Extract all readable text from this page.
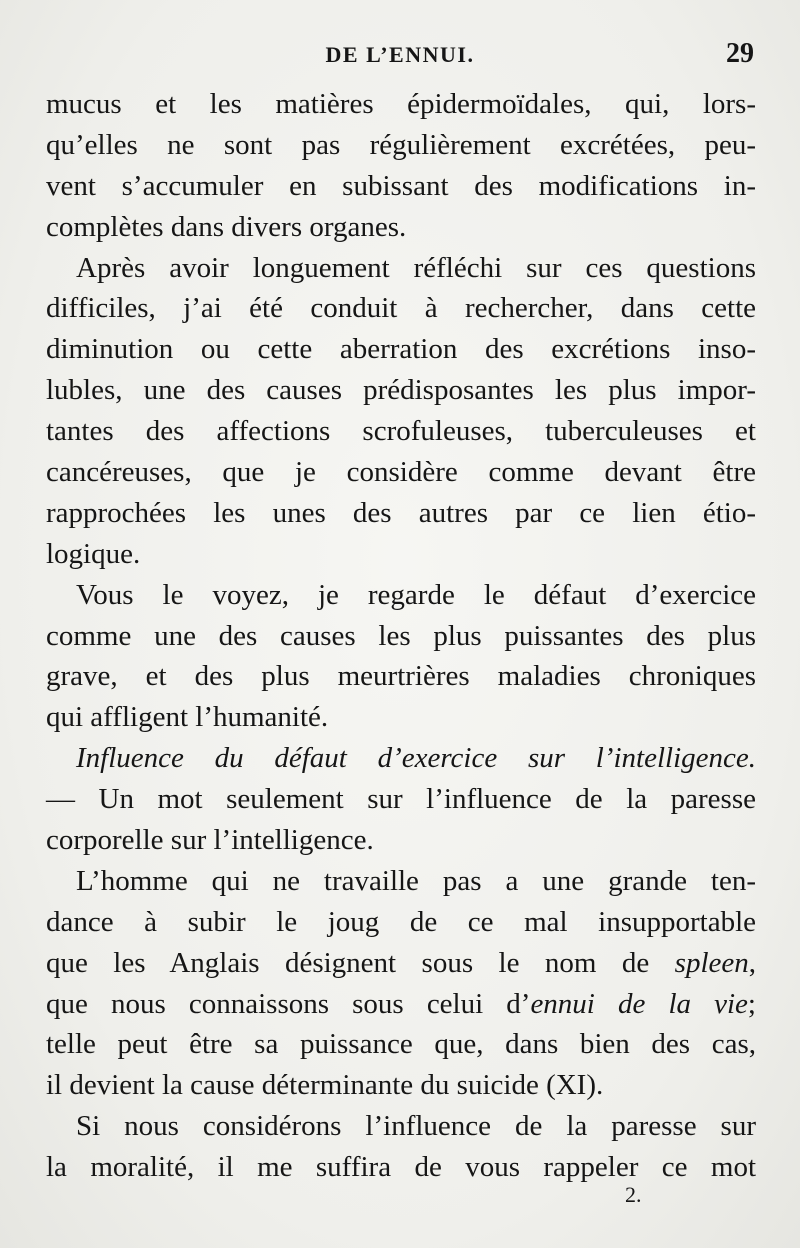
DE L’ENNUI.	29
mucus et les matières épidermoïdales, qui, lors-
qu’elles ne sont pas régulièrement excrétées, peu-
vent s’accumuler en subissant des modifications in-
complètes dans divers organes.
Après avoir longuement réfléchi sur ces questions
difficiles, j’ai été conduit à rechercher, dans cette
diminution ou cette aberration des excrétions inso-
lubles, une des causes prédisposantes les plus impor-
tantes des affections scrofuleuses, tuberculeuses et
cancéreuses, que je considère comme devant être
rapprochées les unes des autres par ce lien étio-
logique.
Vous le voyez, je regarde le défaut d’exercice
comme une des causes les plus puissantes des plus
grave, et des plus meurtrières maladies chroniques
qui affligent l’humanité.
Influence du défaut d’exercice sur l’intelligence.
— Un mot seulement sur l’influence de la paresse
corporelle sur l’intelligence.
L’homme qui ne travaille pas a une grande ten-
dance à subir le joug de ce mal insupportable
que les Anglais désignent sous le nom de spleen,
que nous connaissons sous celui d’ennui de la vie;
telle peut être sa puissance que, dans bien des cas,
il devient la cause déterminante du suicide (XI).
Si nous considérons l’influence de la paresse sur
la moralité, il me suffira de vous rappeler ce mot
2.
